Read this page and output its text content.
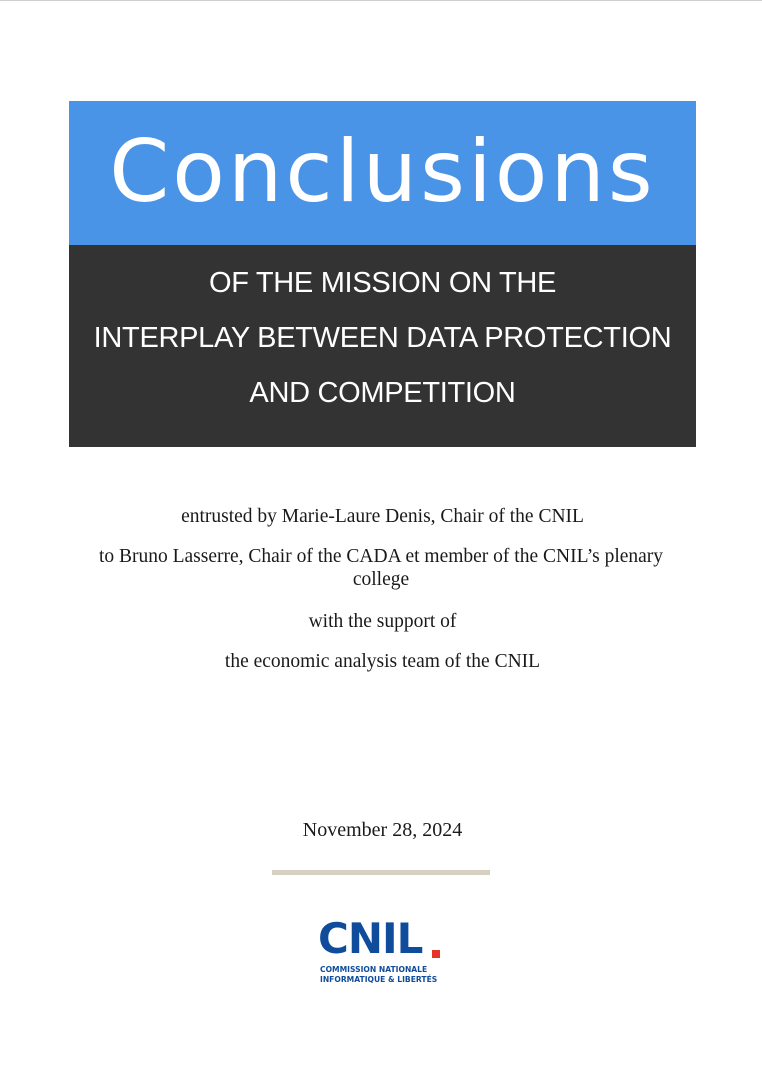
Conclusions
OF THE MISSION ON THE
INTERPLAY BETWEEN DATA PROTECTION
AND COMPETITION
entrusted by Marie-Laure Denis, Chair of the CNIL
to Bruno Lasserre, Chair of the CADA et member of the CNIL’s plenary college
with the support of
the economic analysis team of the CNIL
November 28, 2024
CNIL
COMMISSION NATIONALE
INFORMATIQUE & LIBERTÉS
